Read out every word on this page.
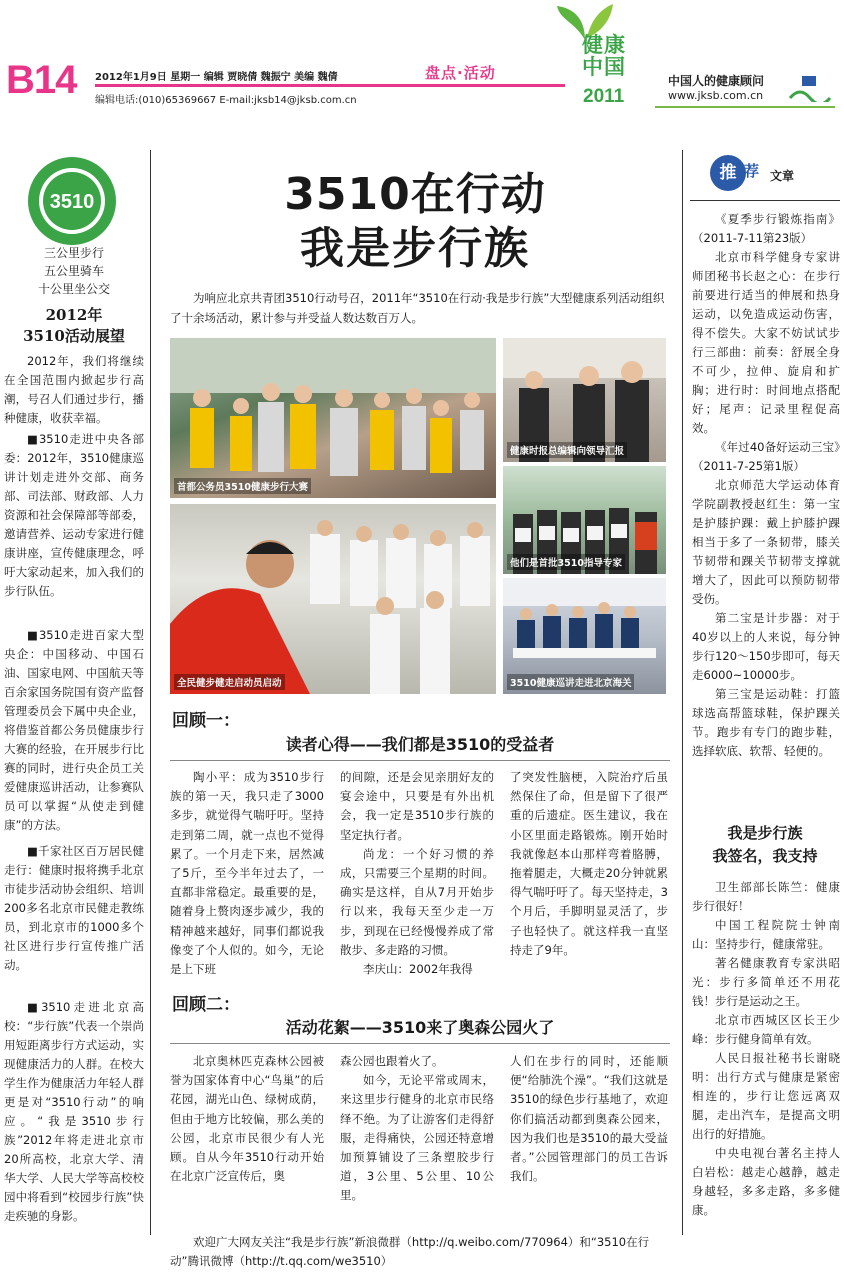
B14 2012年1月9日 星期一 编辑 贾晓倩 魏振宁 美编 魏倩
编辑电话:(010)65369667 E-mail:jksb14@jksb.com.cn
盘点·活动
健康中国
2011
中国人的健康顾问
www.jksb.com.cn
3510
三公里步行
五公里骑车
十公里坐公交
2012年
3510活动展望
2012年，我们将继续在全国范围内掀起步行高潮，号召人们通过步行，播种健康，收获幸福。
■3510走进中央各部委：2012年，3510健康巡讲计划走进外交部、商务部、司法部、财政部、人力资源和社会保障部等部委，邀请营养、运动专家进行健康讲座，宣传健康理念，呼吁大家动起来，加入我们的步行队伍。
■3510走进百家大型央企：中国移动、中国石油、国家电网、中国航天等百余家国务院国有资产监督管理委员会下属中央企业，将借鉴首都公务员健康步行大赛的经验，在开展步行比赛的同时，进行央企员工关爱健康巡讲活动，让参赛队员可以掌握“从使走到健康”的方法。
■千家社区百万居民健走行：健康时报将携手北京市徒步活动协会组织、培训200多名北京市民健走教练员，到北京市的1000多个社区进行步行宣传推广活动。
■3510走进北京高校：“步行族”代表一个崇尚用短距离步行方式运动，实现健康活力的人群。在校大学生作为健康活力年轻人群更是对“3510行动”的响应。“我是3510步行族”2012年将走进北京市20所高校，北京大学、清华大学、人民大学等高校校园中将看到“校园步行族”快走疾驰的身影。
3510在行动
我是步行族
为响应北京共青团3510行动号召，2011年“3510在行动·我是步行族”大型健康系列活动组织了十余场活动，累计参与并受益人数达数百万人。
首都公务员3510健康步行大赛
健康时报总编辑向领导汇报
他们是首批3510指导专家
全民健步健走启动员启动	3510健康巡讲走进北京海关
回顾一：
读者心得——我们都是3510的受益者

陶小平：成为3510步行族的第一天，我只走了3000多步，就觉得气喘吁吁。坚持走到第二周，就一点也不觉得累了。一个月走下来，居然减了5斤，至今半年过去了，一直都非常稳定。最重要的是，随着身上赘肉逐步减少，我的精神越来越好，同事们都说我像变了个人似的。如今，无论是上下班

的间隙，还是会见亲朋好友的宴会途中，只要是有外出机会，我一定是3510步行族的坚定执行者。

尚龙：一个好习惯的养成，只需要三个星期的时间。确实是这样，自从7月开始步行以来，我每天至少走一万步，到现在已经慢慢养成了常散步、多走路的习惯。

李庆山：2002年我得

了突发性脑梗，入院治疗后虽然保住了命，但是留下了很严重的后遗症。医生建议，我在小区里面走路锻炼。刚开始时我就像赵本山那样弯着胳膊，拖着腿走，大概走20分钟就累得气喘吁吁了。每天坚持走，3个月后，手脚明显灵活了，步子也轻快了。就这样我一直坚持走了9年。

回顾二：
活动花絮——3510来了奥森公园火了

北京奥林匹克森林公园被誉为国家体育中心“鸟巢”的后花园，湖光山色、绿树成荫，但由于地方比较偏，那么美的公园，北京市民很少有人光顾。自从今年3510行动开始在北京广泛宣传后，奥

森公园也跟着火了。

如今，无论平常或周末，来这里步行健身的北京市民络绎不绝。为了让游客们走得舒服，走得痛快，公园还特意增加预算铺设了三条塑胶步行道，3公里、5公里、10公里。

人们在步行的同时，还能顺便“给肺洗个澡”。“我们这就是3510的绿色步行基地了，欢迎你们搞活动都到奥森公园来，因为我们也是3510的最大受益者。”公园管理部门的员工告诉我们。

欢迎广大网友关注“我是步行族”新浪微群（http://q.weibo.com/770964）和“3510在行动”腾讯微博（http://t.qq.com/we3510）
推 荐 文章

《夏季步行锻炼指南》（2011-7-11第23版）

北京市科学健身专家讲师团秘书长赵之心：在步行前要进行适当的伸展和热身运动，以免造成运动伤害，得不偿失。大家不妨试试步行三部曲：前奏：舒展全身不可少，拉伸、旋肩和扩胸；进行时：时间地点搭配好；尾声：记录里程促高效。

《年过40备好运动三宝》（2011-7-25第1版）

北京师范大学运动体育学院副教授赵红生：第一宝是护膝护踝：戴上护膝护踝相当于多了一条韧带，膝关节韧带和踝关节韧带支撑就增大了，因此可以预防韧带受伤。

第二宝是计步器：对于40岁以上的人来说，每分钟步行120～150步即可，每天走6000~10000步。

第三宝是运动鞋：打篮球选高帮篮球鞋，保护踝关节。跑步有专门的跑步鞋，选择软底、软帮、轻便的。

我是步行族
我签名，我支持

卫生部部长陈竺：健康步行很好！

中国工程院院士钟南山：坚持步行，健康常驻。

著名健康教育专家洪昭光：步行多简单还不用花钱！步行是运动之王。

北京市西城区区长王少峰：步行健身简单有效。

人民日报社秘书长谢晓明：出行方式与健康是紧密相连的，步行让您远离双腿，走出汽车，是提高文明出行的好措施。

中央电视台著名主持人白岩松：越走心越静，越走身越轻，多多走路，多多健康。
